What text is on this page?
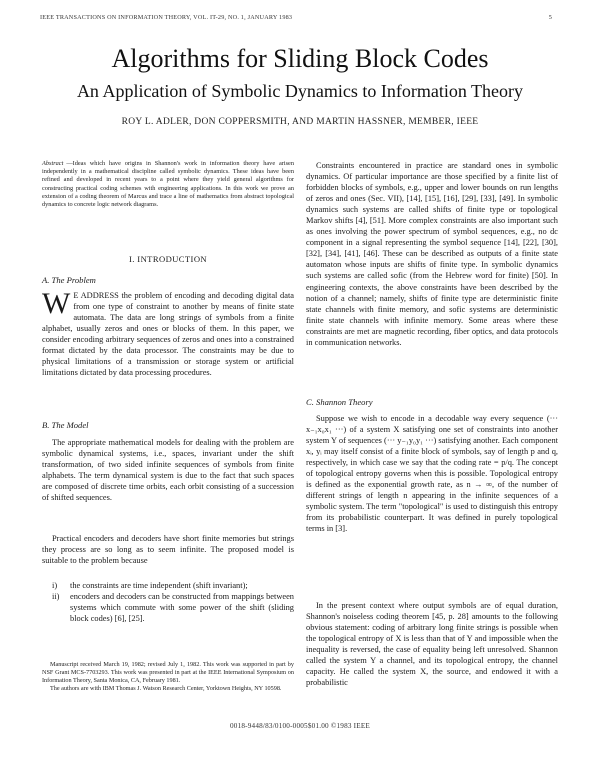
IEEE TRANSACTIONS ON INFORMATION THEORY, VOL. IT-29, NO. 1, JANUARY 1983	5
Algorithms for Sliding Block Codes
An Application of Symbolic Dynamics to Information Theory
ROY L. ADLER, DON COPPERSMITH, AND MARTIN HASSNER, MEMBER, IEEE
Abstract —Ideas which have origins in Shannon's work in information theory have arisen independently in a mathematical discipline called symbolic dynamics. These ideas have been refined and developed in recent years to a point where they yield general algorithms for constructing practical coding schemes with engineering applications. In this work we prove an extension of a coding theorem of Marcus and trace a line of mathematics from abstract topological dynamics to concrete logic network diagrams.
I. INTRODUCTION
A. The Problem
W E ADDRESS the problem of encoding and decoding digital data from one type of constraint to another by means of finite state automata. The data are long strings of symbols from a finite alphabet, usually zeros and ones or blocks of them. In this paper, we consider encoding arbitrary sequences of zeros and ones into a constrained format dictated by the data processor. The constraints may be due to physical limitations of a transmission or storage system or artificial limitations dictated by data processing procedures.
B. The Model
The appropriate mathematical models for dealing with the problem are symbolic dynamical systems, i.e., spaces, invariant under the shift transformation, of two sided infinite sequences of symbols from finite alphabets. The term dynamical system is due to the fact that such spaces are composed of discrete time orbits, each orbit consisting of a succession of shifted sequences.
Practical encoders and decoders have short finite memories but strings they process are so long as to seem infinite. The proposed model is suitable to the problem because
i) the constraints are time independent (shift invariant);
ii) encoders and decoders can be constructed from mappings between systems which commute with some power of the shift (sliding block codes) [6], [25].

Manuscript received March 19, 1982; revised July 1, 1982. This work was supported in part by NSF Grant MCS-7703293. This work was presented in part at the IEEE International Symposium on Information Theory, Santa Monica, CA, February 1981.

The authors are with IBM Thomas J. Watson Research Center, Yorktown Heights, NY 10598.

Constraints encountered in practice are standard ones in symbolic dynamics. Of particular importance are those specified by a finite list of forbidden blocks of symbols, e.g., upper and lower bounds on run lengths of zeros and ones (Sec. VII), [14], [15], [16], [29], [33], [49]. In symbolic dynamics such systems are called shifts of finite type or topological Markov shifts [4], [51]. More complex constraints are also important such as ones involving the power spectrum of symbol sequences, e.g., no dc component in a signal representing the symbol sequence [14], [22], [30], [32], [34], [41], [46]. These can be described as outputs of a finite state automaton whose inputs are shifts of finite type. In symbolic dynamics such systems are called sofic (from the Hebrew word for finite) [50]. In engineering contexts, the above constraints have been described by the notion of a channel; namely, shifts of finite type are deterministic finite state channels with finite memory, and sofic systems are deterministic finite state channels with infinite memory. Some areas where these constraints are met are magnetic recording, fiber optics, and data protocols in communication networks.
C. Shannon Theory
Suppose we wish to encode in a decodable way every sequence (··· x₋₁x₀x₁ ···) of a system X satisfying one set of constraints into another system Y of sequences (··· y₋₁y₀y₁ ···) satisfying another. Each component xᵢ, yᵢ may itself consist of a finite block of symbols, say of length p and q, respectively, in which case we say that the coding rate = p/q. The concept of topological entropy governs when this is possible. Topological entropy is defined as the exponential growth rate, as n → ∞, of the number of different strings of length n appearing in the infinite sequences of a symbolic system. The term "topological" is used to distinguish this entropy from its probabilistic counterpart. It was defined in purely topological terms in [3].
In the present context where output symbols are of equal duration, Shannon's noiseless coding theorem [45, p. 28] amounts to the following obvious statement: coding of arbitrary long finite strings is possible when the topological entropy of X is less than that of Y and impossible when the inequality is reversed, the case of equality being left unresolved. Shannon called the system Y a channel, and its topological entropy, the channel capacity. He called the system X, the source, and endowed it with a probabilistic
0018-9448/83/0100-0005$01.00 ©1983 IEEE
